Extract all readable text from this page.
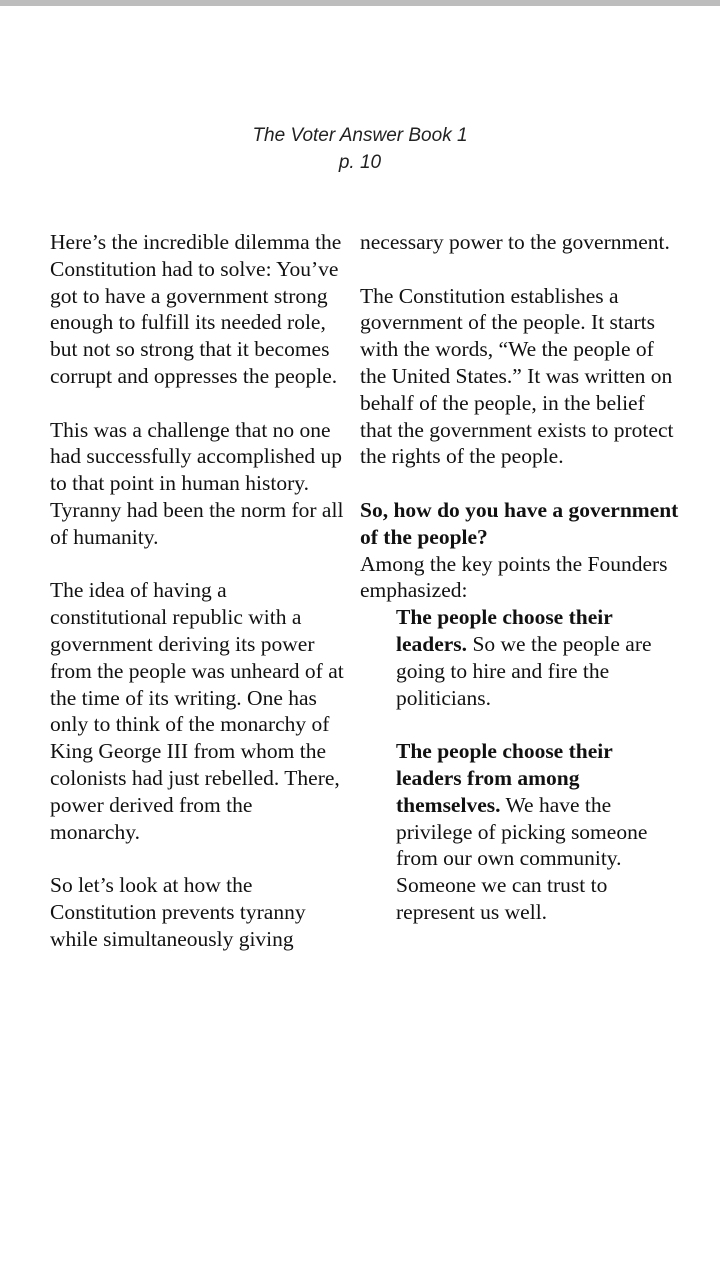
The Voter Answer Book 1
p. 10

Here’s the incredible dilemma the Constitution had to solve: You’ve got to have a government strong enough to fulfill its needed role, but not so strong that it becomes corrupt and oppresses the people.

This was a challenge that no one had successfully accomplished up to that point in human history. Tyranny had been the norm for all of humanity.

The idea of having a constitutional republic with a government deriving its power from the people was unheard of at the time of its writing. One has only to think of the monarchy of King George III from whom the colonists had just rebelled. There, power derived from the monarchy.

So let’s look at how the Constitution prevents tyranny while simultaneously giving

necessary power to the government.

The Constitution establishes a government of the people. It starts with the words, “We the people of the United States.” It was written on behalf of the people, in the belief that the government exists to protect the rights of the people.

So, how do you have a government of the people?

Among the key points the Founders emphasized:

The people choose their leaders. So we the people are going to hire and fire the politicians.

The people choose their leaders from among themselves. We have the privilege of picking someone from our own community. Someone we can trust to represent us well.
